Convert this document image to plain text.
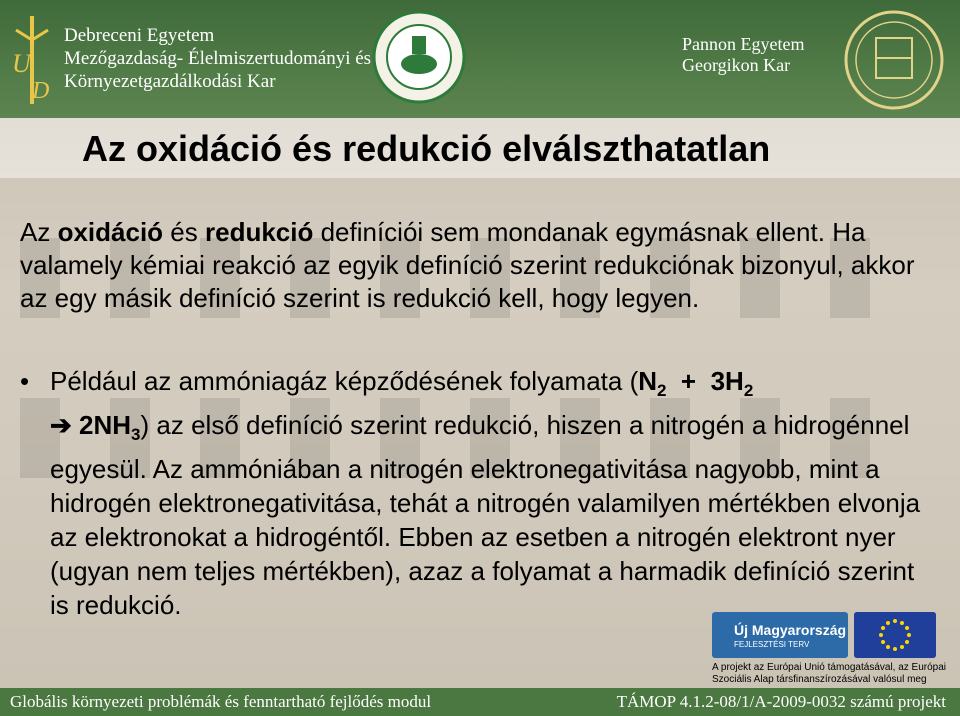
U
D
Debreceni Egyetem
Mezőgazdaság- Élelmiszertudományi és
Környezetgazdálkodási Kar
Pannon Egyetem
Georgikon Kar
Az oxidáció és redukció elválszthatatlan
Az oxidáció és redukció definíciói sem mondanak egymásnak ellent. Ha valamely kémiai reakció az egyik definíció szerint redukciónak bizonyul, akkor az egy másik definíció szerint is redukció kell, hogy legyen.
• Például az ammóniagáz képződésének folyamata ($N_2 + 3H_2$
➔ $2NH_3$) az első definíció szerint redukció, hiszen a nitrogén a hidrogénnel egyesül. Az ammóniában a nitrogén elektronegativitása nagyobb, mint a hidrogén elektronegativitása, tehát a nitrogén valamilyen mértékben elvonja az elektronokat a hidrogéntől. Ebben az esetben a nitrogén elektront nyer (ugyan nem teljes mértékben), azaz a folyamat a harmadik definíció szerint is redukció.
Új Magyarország
FEJLESZTÉSI TERV
A projekt az Európai Unió támogatásával, az Európai
Szociális Alap társfinanszírozásával valósul meg
Globális környezeti problémák és fenntartható fejlődés modul	TÁMOP 4.1.2-08/1/A-2009-0032 számú projekt
